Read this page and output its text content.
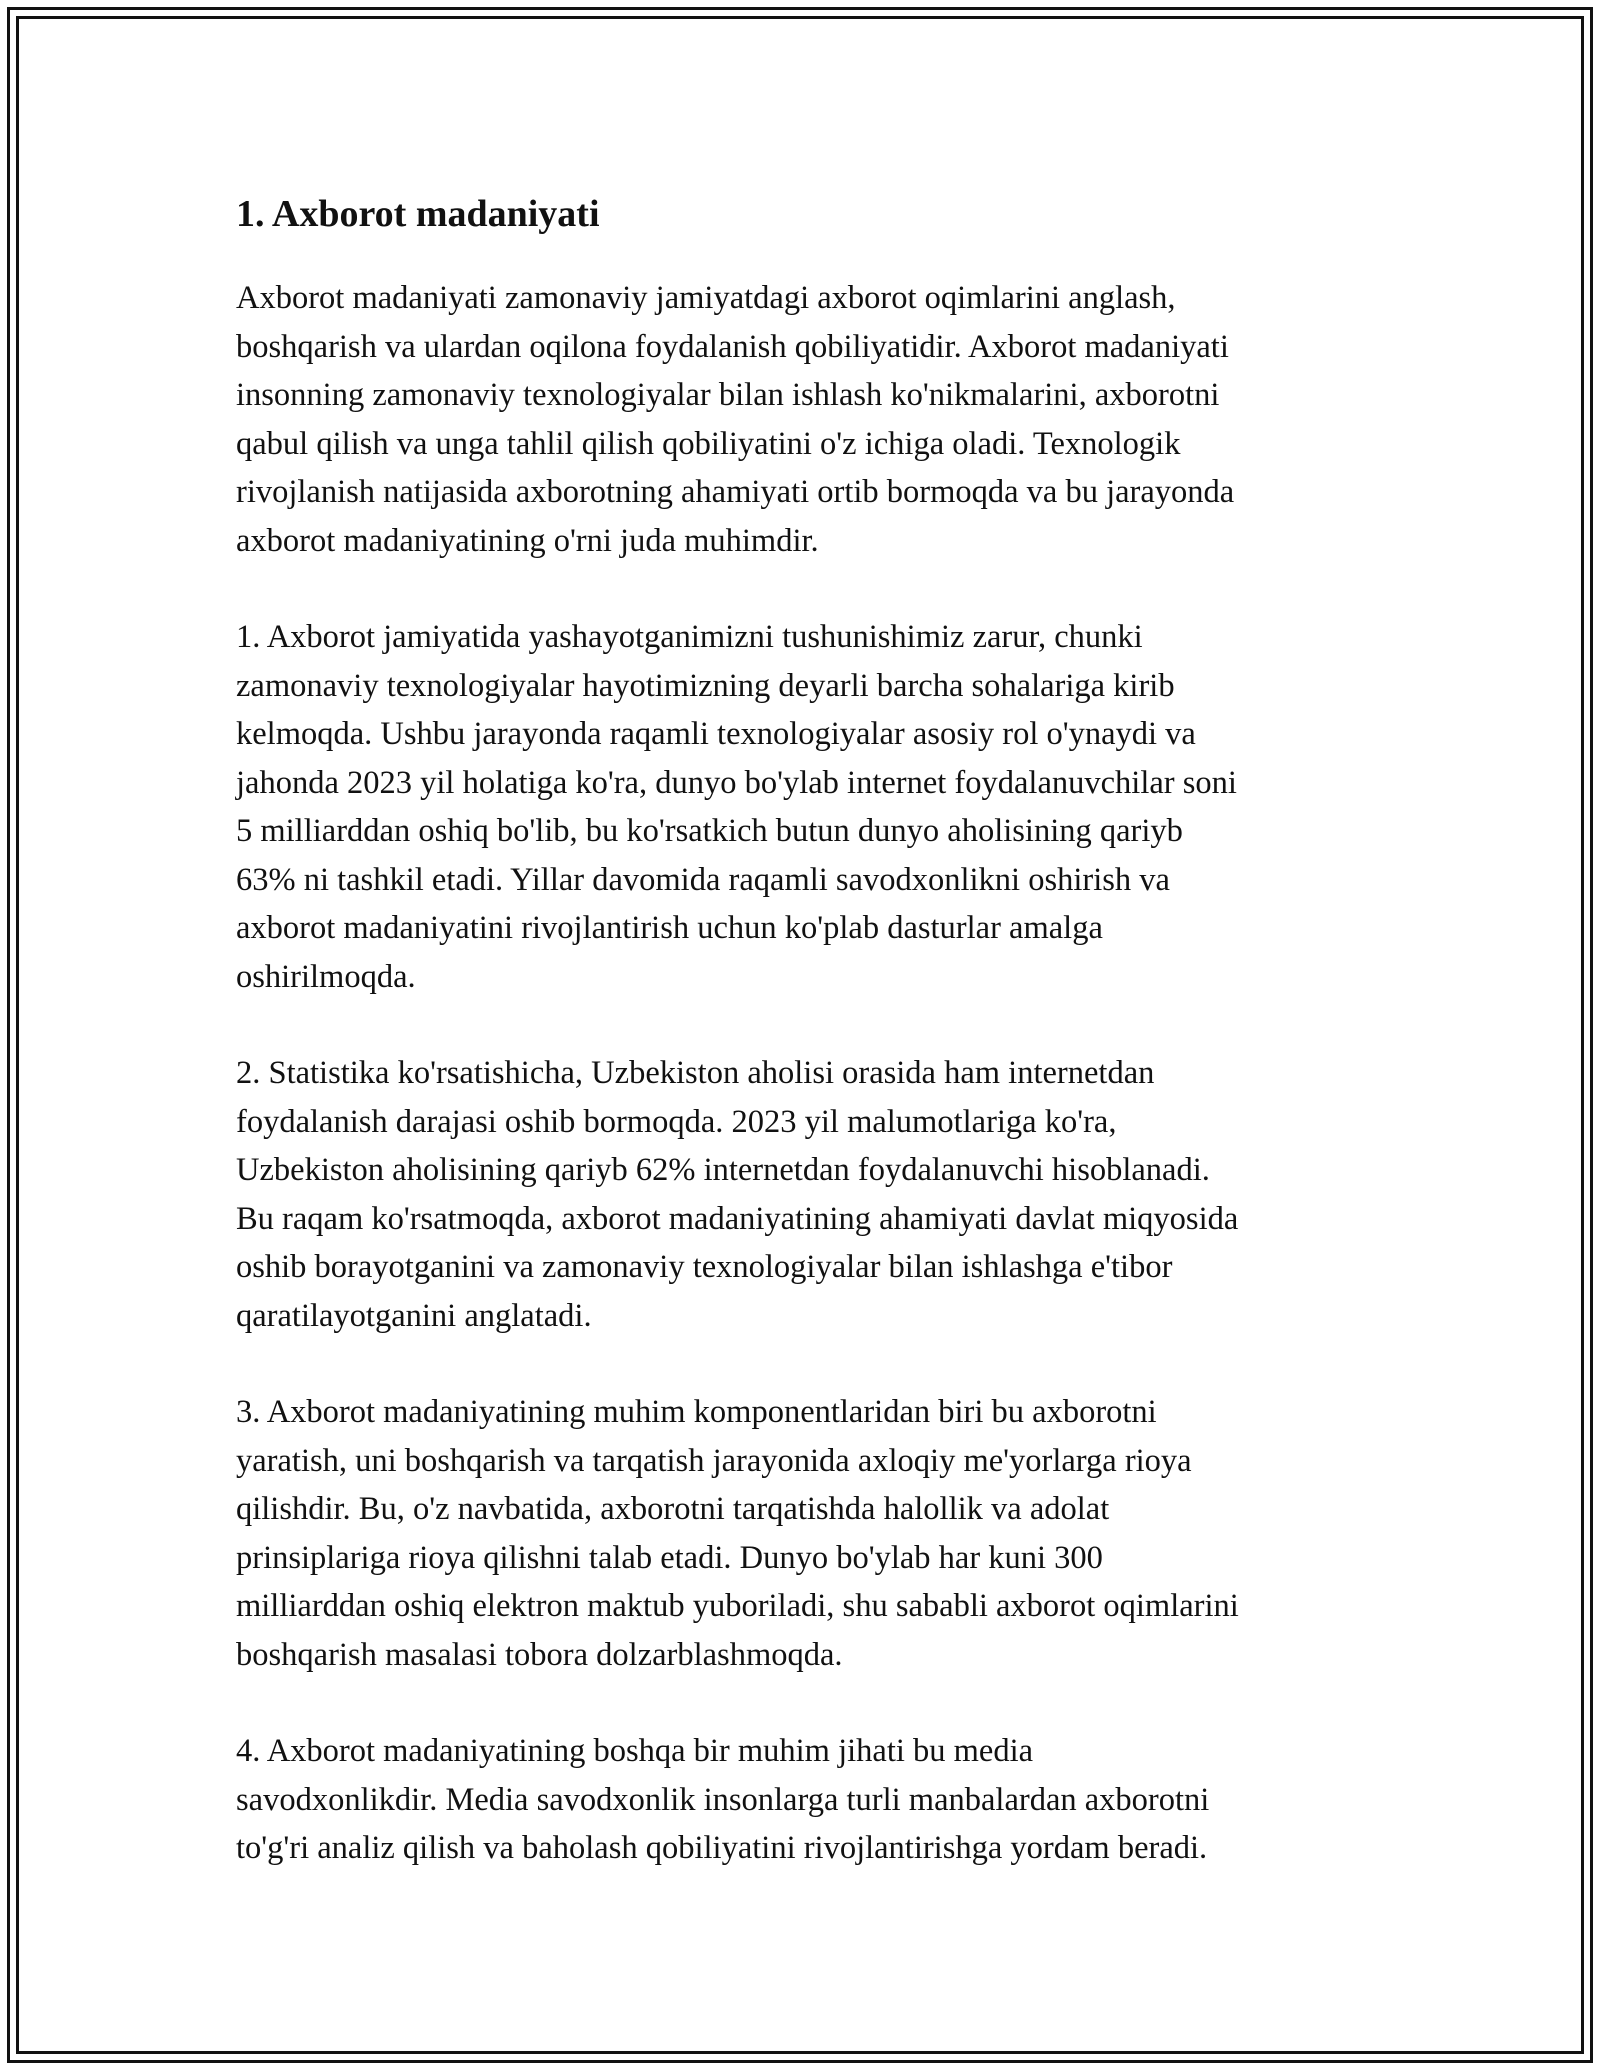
1. Axborot madaniyati

Axborot madaniyati zamonaviy jamiyatdagi axborot oqimlarini anglash,
boshqarish va ulardan oqilona foydalanish qobiliyatidir. Axborot madaniyati
insonning zamonaviy texnologiyalar bilan ishlash ko'nikmalarini, axborotni
qabul qilish va unga tahlil qilish qobiliyatini o'z ichiga oladi. Texnologik
rivojlanish natijasida axborotning ahamiyati ortib bormoqda va bu jarayonda
axborot madaniyatining o'rni juda muhimdir.

1. Axborot jamiyatida yashayotganimizni tushunishimiz zarur, chunki
zamonaviy texnologiyalar hayotimizning deyarli barcha sohalariga kirib
kelmoqda. Ushbu jarayonda raqamli texnologiyalar asosiy rol o'ynaydi va
jahonda 2023 yil holatiga ko'ra, dunyo bo'ylab internet foydalanuvchilar soni
5 milliarddan oshiq bo'lib, bu ko'rsatkich butun dunyo aholisining qariyb
63% ni tashkil etadi. Yillar davomida raqamli savodxonlikni oshirish va
axborot madaniyatini rivojlantirish uchun ko'plab dasturlar amalga
oshirilmoqda.

2. Statistika ko'rsatishicha, Uzbekiston aholisi orasida ham internetdan
foydalanish darajasi oshib bormoqda. 2023 yil malumotlariga ko'ra,
Uzbekiston aholisining qariyb 62% internetdan foydalanuvchi hisoblanadi.
Bu raqam ko'rsatmoqda, axborot madaniyatining ahamiyati davlat miqyosida
oshib borayotganini va zamonaviy texnologiyalar bilan ishlashga e'tibor
qaratilayotganini anglatadi.

3. Axborot madaniyatining muhim komponentlaridan biri bu axborotni
yaratish, uni boshqarish va tarqatish jarayonida axloqiy me'yorlarga rioya
qilishdir. Bu, o'z navbatida, axborotni tarqatishda halollik va adolat
prinsiplariga rioya qilishni talab etadi. Dunyo bo'ylab har kuni 300
milliarddan oshiq elektron maktub yuboriladi, shu sababli axborot oqimlarini
boshqarish masalasi tobora dolzarblashmoqda.

4. Axborot madaniyatining boshqa bir muhim jihati bu media
savodxonlikdir. Media savodxonlik insonlarga turli manbalardan axborotni
to'g'ri analiz qilish va baholash qobiliyatini rivojlantirishga yordam beradi.
